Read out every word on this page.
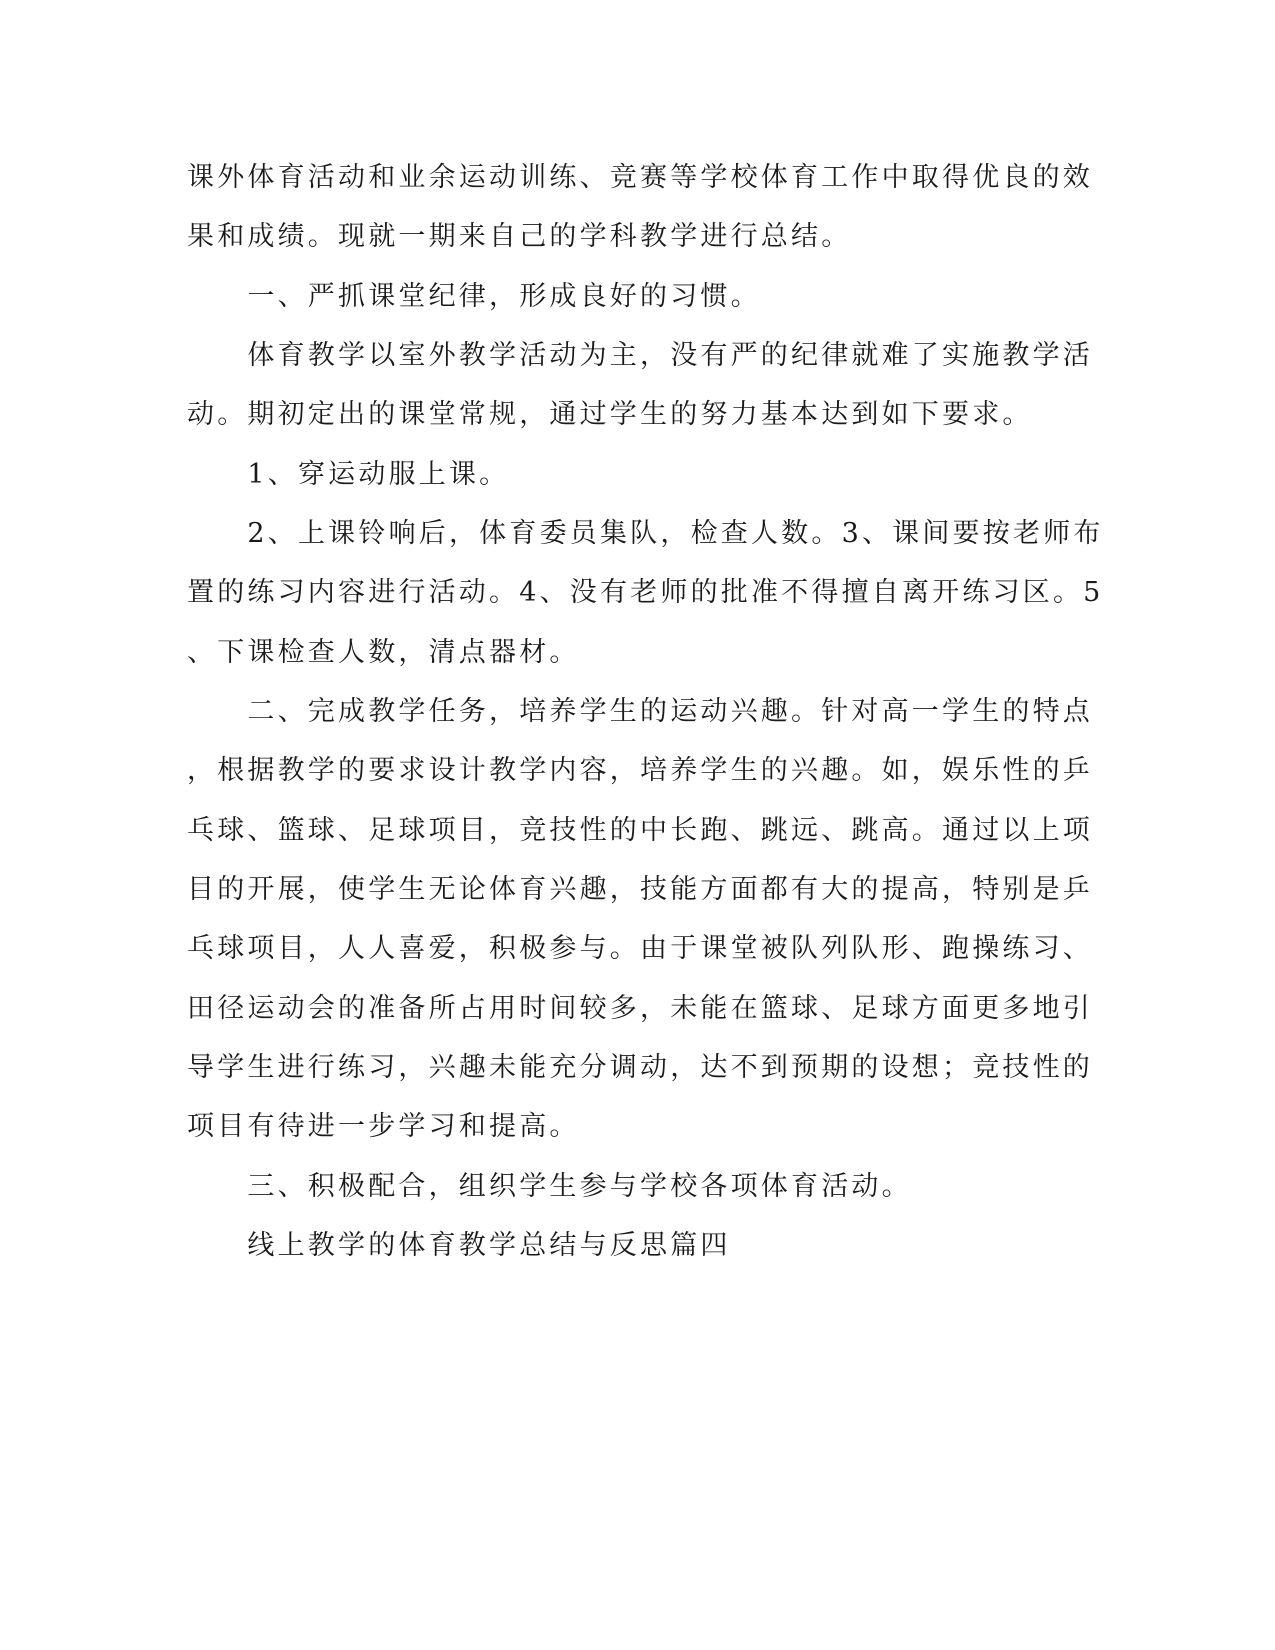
课外体育活动和业余运动训练、竞赛等学校体育工作中取得优良的效
果和成绩。现就一期来自己的学科教学进行总结。
　　一、严抓课堂纪律，形成良好的习惯。
　　体育教学以室外教学活动为主，没有严的纪律就难了实施教学活
动。期初定出的课堂常规，通过学生的努力基本达到如下要求。
　　1、穿运动服上课。
　　2、上课铃响后，体育委员集队，检查人数。3、课间要按老师布
置的练习内容进行活动。4、没有老师的批准不得擅自离开练习区。5
、下课检查人数，清点器材。
　　二、完成教学任务，培养学生的运动兴趣。针对高一学生的特点
，根据教学的要求设计教学内容，培养学生的兴趣。如，娱乐性的乒
乓球、篮球、足球项目，竞技性的中长跑、跳远、跳高。通过以上项
目的开展，使学生无论体育兴趣，技能方面都有大的提高，特别是乒
乓球项目，人人喜爱，积极参与。由于课堂被队列队形、跑操练习、
田径运动会的准备所占用时间较多，未能在篮球、足球方面更多地引
导学生进行练习，兴趣未能充分调动，达不到预期的设想；竞技性的
项目有待进一步学习和提高。
　　三、积极配合，组织学生参与学校各项体育活动。
　　线上教学的体育教学总结与反思篇四
